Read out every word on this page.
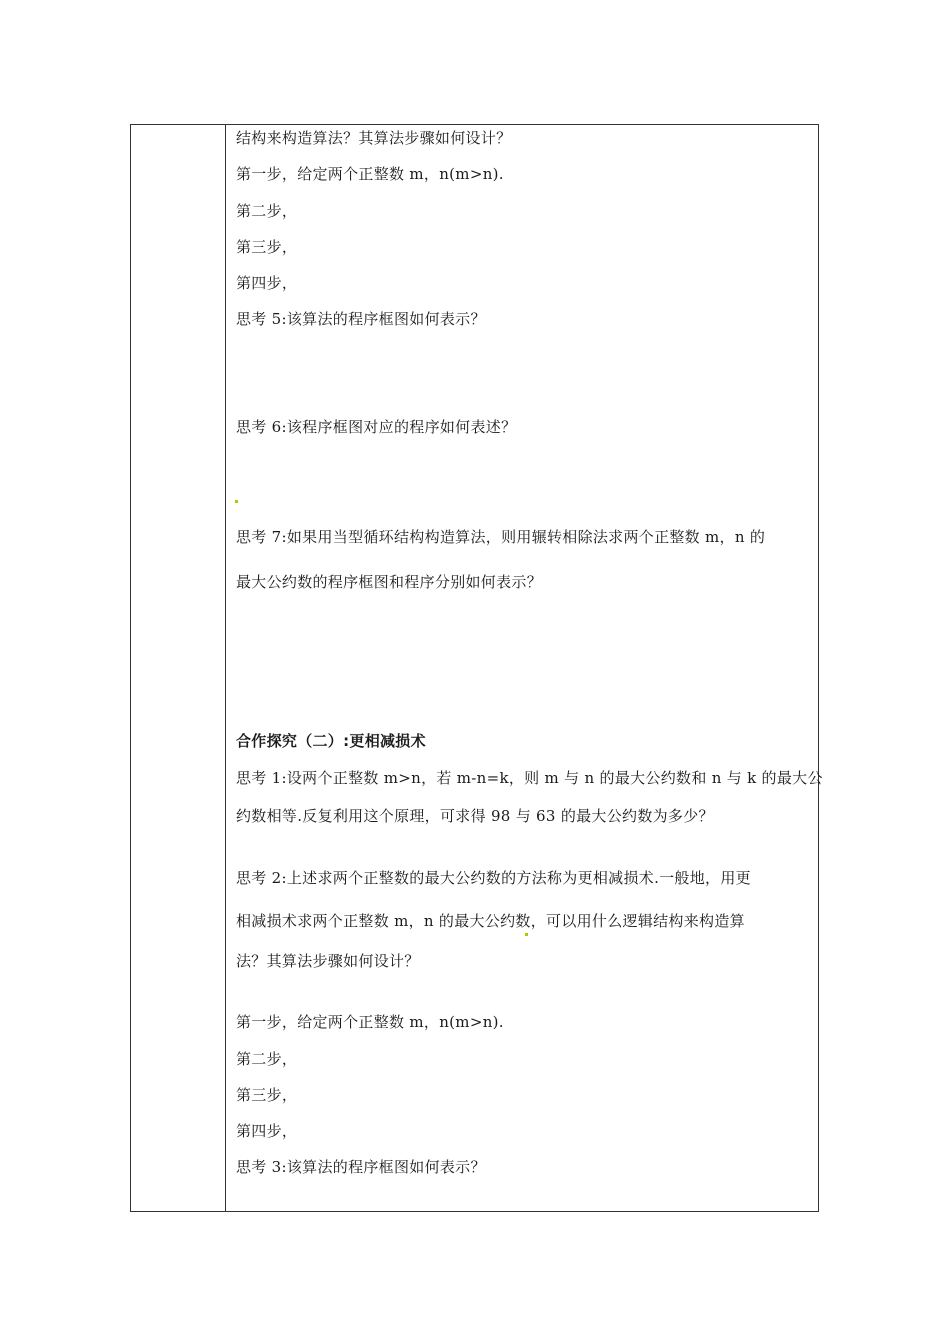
结构来构造算法？其算法步骤如何设计？
第一步，给定两个正整数 m，n(m>n).
第二步，
第三步，
第四步，
思考 5:该算法的程序框图如何表示？
思考 6:该程序框图对应的程序如何表述？
思考 7:如果用当型循环结构构造算法，则用辗转相除法求两个正整数 m，n 的
最大公约数的程序框图和程序分别如何表示？
合作探究（二）:更相减损术
思考 1:设两个正整数 m>n，若 m-n=k，则 m 与 n 的最大公约数和 n 与 k 的最大公
约数相等.反复利用这个原理，可求得 98 与 63 的最大公约数为多少？
思考 2:上述求两个正整数的最大公约数的方法称为更相减损术.一般地，用更
相减损术求两个正整数 m，n 的最大公约数，可以用什么逻辑结构来构造算
法？其算法步骤如何设计？
第一步，给定两个正整数 m，n(m>n).
第二步，
第三步，
第四步，
思考 3:该算法的程序框图如何表示？
